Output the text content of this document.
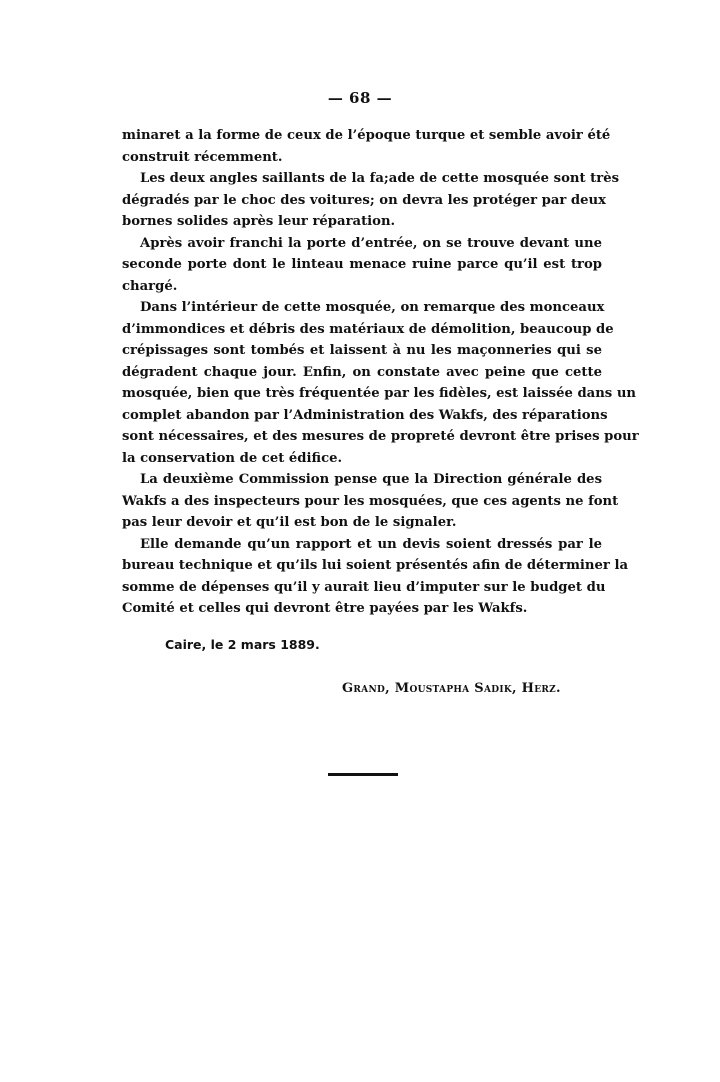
— 68 —
minaret a la forme de ceux de l’époque turque et semble avoir été
construit récemment.
Les deux angles saillants de la fa;ade de cette mosquée sont très
dégradés par le choc des voitures; on devra les protéger par deux
bornes solides après leur réparation.
Après avoir franchi la porte d’entrée, on se trouve devant une
seconde porte dont le linteau menace ruine parce qu’il est trop
chargé.
Dans l’intérieur de cette mosquée, on remarque des monceaux
d’immondices et débris des matériaux de démolition, beaucoup de
crépissages sont tombés et laissent à nu les maçonneries qui se
dégradent chaque jour. Enfin, on constate avec peine que cette
mosquée, bien que très fréquentée par les fidèles, est laissée dans un
complet abandon par l’Administration des Wakfs, des réparations
sont nécessaires, et des mesures de propreté devront être prises pour
la conservation de cet édifice.
La deuxième Commission pense que la Direction générale des
Wakfs a des inspecteurs pour les mosquées, que ces agents ne font
pas leur devoir et qu’il est bon de le signaler.
Elle demande qu’un rapport et un devis soient dressés par le
bureau technique et qu’ils lui soient présentés afin de déterminer la
somme de dépenses qu’il y aurait lieu d’imputer sur le budget du
Comité et celles qui devront être payées par les Wakfs.
Caire, le 2 mars 1889.
Grand, Moustapha Sadik, Herz.
